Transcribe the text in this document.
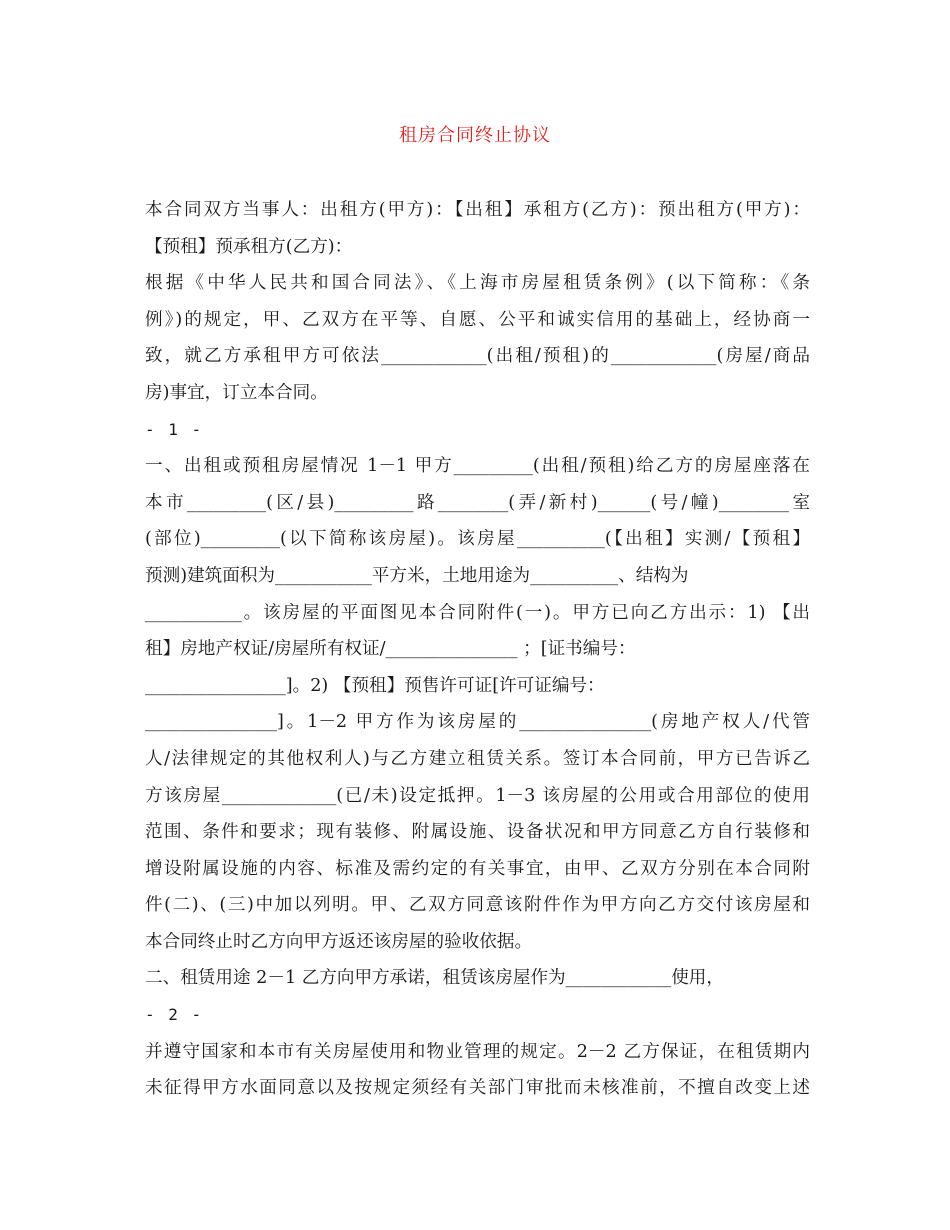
租房合同终止协议
本合同双方当事人：出租方(甲方)：【出租】承租方(乙方)：预出租方(甲方)：
【预租】预承租方(乙方)：
根据《中华人民共和国合同法》、《上海市房屋租赁条例》(以下简称：《条
例》)的规定，甲、乙双方在平等、自愿、公平和诚实信用的基础上，经协商一
致，就乙方承租甲方可依法____________(出租/预租)的____________(房屋/商品
房)事宜，订立本合同。
- 1 -
一、出租或预租房屋情况 1－1 甲方_________(出租/预租)给乙方的房屋座落在
本市_________(区/县)_________路________(弄/新村)______(号/幢)________室
(部位)_________(以下简称该房屋)。该房屋__________(【出租】实测/【预租】
预测)建筑面积为___________平方米，土地用途为__________、结构为
___________。该房屋的平面图见本合同附件(一)。甲方已向乙方出示：1) 【出
租】房地产权证/房屋所有权证/_______________ ；[证书编号：
________________]。2) 【预租】预售许可证[许可证编号：
_______________]。1－2 甲方作为该房屋的_______________(房地产权人/代管
人/法律规定的其他权利人)与乙方建立租赁关系。签订本合同前，甲方已告诉乙
方该房屋_____________(已/未)设定抵押。1－3 该房屋的公用或合用部位的使用
范围、条件和要求；现有装修、附属设施、设备状况和甲方同意乙方自行装修和
增设附属设施的内容、标准及需约定的有关事宜，由甲、乙双方分别在本合同附
件(二)、(三)中加以列明。甲、乙双方同意该附件作为甲方向乙方交付该房屋和
本合同终止时乙方向甲方返还该房屋的验收依据。
二、租赁用途 2－1 乙方向甲方承诺，租赁该房屋作为____________使用，
- 2 -
并遵守国家和本市有关房屋使用和物业管理的规定。2－2 乙方保证，在租赁期内
未征得甲方水面同意以及按规定须经有关部门审批而未核准前，不擅自改变上述
